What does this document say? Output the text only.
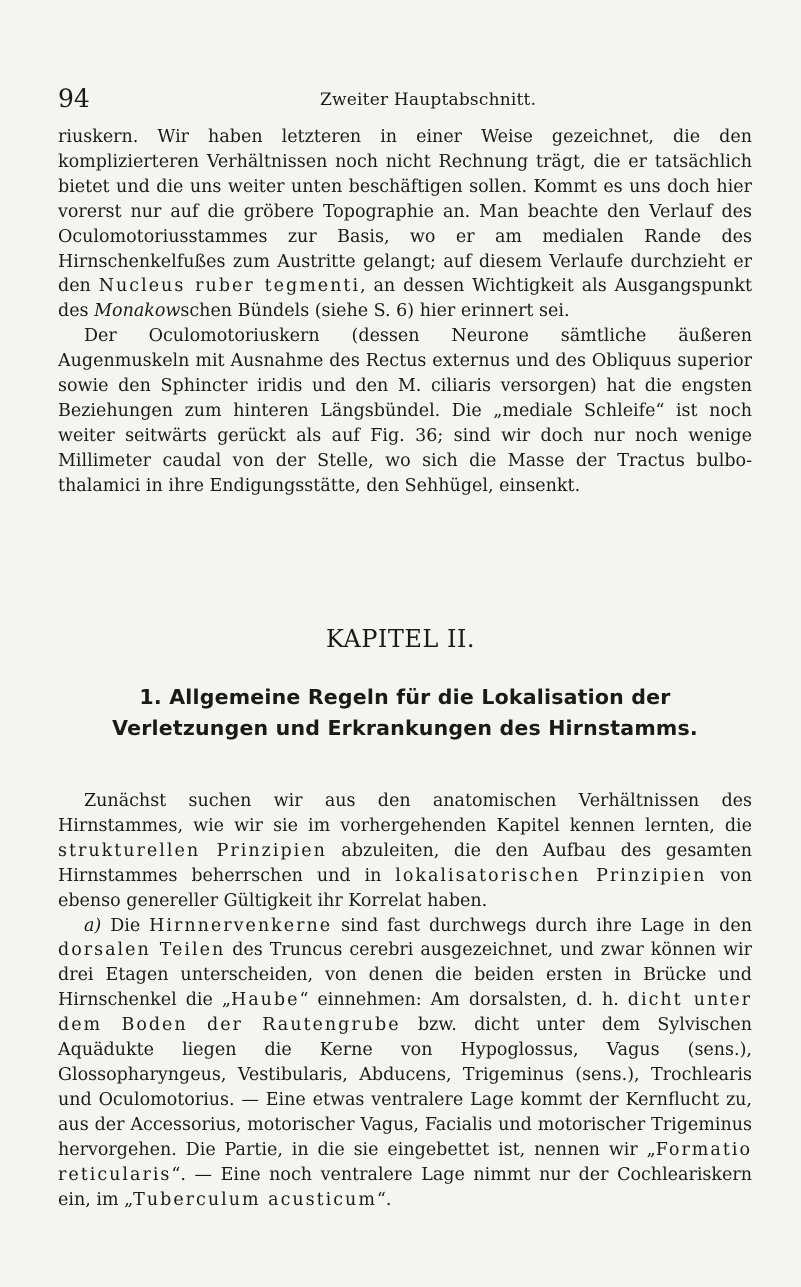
94	Zweiter Hauptabschnitt.

riuskern. Wir haben letzteren in einer Weise gezeichnet, die den komplizierteren Verhältnissen noch nicht Rechnung trägt, die er tatsächlich bietet und die uns weiter unten beschäftigen sollen. Kommt es uns doch hier vorerst nur auf die gröbere Topographie an. Man beachte den Verlauf des Oculomotoriusstammes zur Basis, wo er am medialen Rande des Hirnschenkelfußes zum Austritte gelangt; auf diesem Verlaufe durchzieht er den Nucleus ruber tegmenti, an dessen Wichtigkeit als Ausgangspunkt des Monakowschen Bündels (siehe S. 6) hier erinnert sei.

Der Oculomotoriuskern (dessen Neurone sämtliche äußeren Augenmuskeln mit Ausnahme des Rectus externus und des Obliquus superior sowie den Sphincter iridis und den M. ciliaris versorgen) hat die engsten Beziehungen zum hinteren Längsbündel. Die „mediale Schleife“ ist noch weiter seitwärts gerückt als auf Fig. 36; sind wir doch nur noch wenige Millimeter caudal von der Stelle, wo sich die Masse der Tractus bulbo-thalamici in ihre Endigungsstätte, den Sehhügel, einsenkt.

KAPITEL II.
1. Allgemeine Regeln für die Lokalisation der Verletzungen und Erkrankungen des Hirnstamms.

Zunächst suchen wir aus den anatomischen Verhältnissen des Hirnstammes, wie wir sie im vorhergehenden Kapitel kennen lernten, die strukturellen Prinzipien abzuleiten, die den Aufbau des gesamten Hirnstammes beherrschen und in lokalisatorischen Prinzipien von ebenso genereller Gültigkeit ihr Korrelat haben.

a) Die Hirnnervenkerne sind fast durchwegs durch ihre Lage in den dorsalen Teilen des Truncus cerebri ausgezeichnet, und zwar können wir drei Etagen unterscheiden, von denen die beiden ersten in Brücke und Hirnschenkel die „Haube“ einnehmen: Am dorsalsten, d. h. dicht unter dem Boden der Rautengrube bzw. dicht unter dem Sylvischen Aquädukte liegen die Kerne von Hypoglossus, Vagus (sens.), Glossopharyngeus, Vestibularis, Abducens, Trigeminus (sens.), Trochlearis und Oculomotorius. — Eine etwas ventralere Lage kommt der Kernflucht zu, aus der Accessorius, motorischer Vagus, Facialis und motorischer Trigeminus hervorgehen. Die Partie, in die sie eingebettet ist, nennen wir „Formatio reticularis“. — Eine noch ventralere Lage nimmt nur der Cochleariskern ein, im „Tuberculum acusticum“.
